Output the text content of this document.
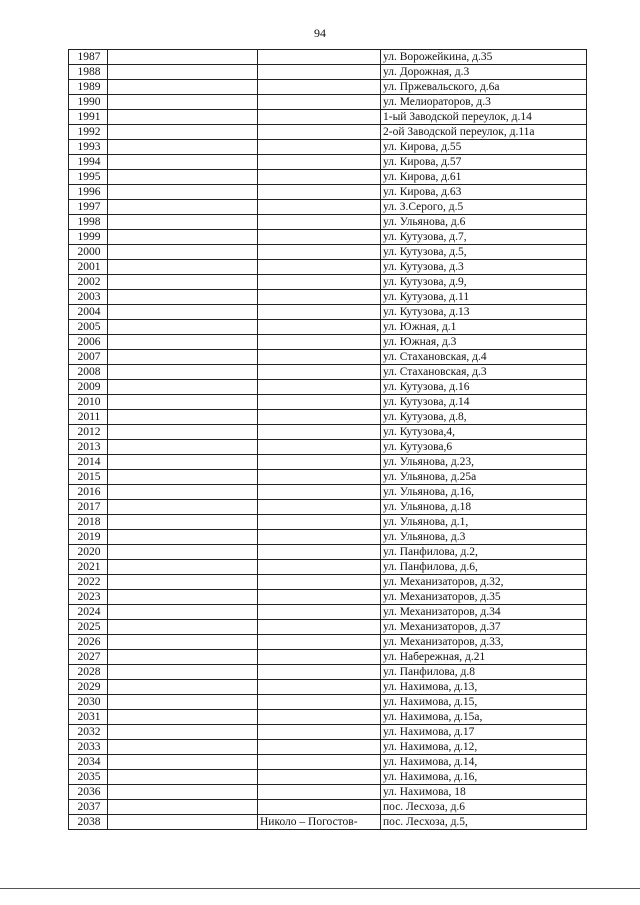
94
1987			ул. Ворожейкина, д.35
1988			ул. Дорожная, д.3
1989			ул. Пржевальского, д.6а
1990			ул. Мелиораторов, д.3
1991			1-ый Заводской переулок, д.14
1992			2-ой Заводской переулок, д.11а
1993			ул. Кирова, д.55
1994			ул. Кирова, д.57
1995			ул. Кирова, д.61
1996			ул. Кирова, д.63
1997			ул. З.Серого, д.5
1998			ул. Ульянова, д.6
1999			ул. Кутузова, д.7,
2000			ул. Кутузова, д.5,
2001			ул. Кутузова, д.3
2002			ул. Кутузова, д.9,
2003			ул. Кутузова, д.11
2004			ул. Кутузова, д.13
2005			ул. Южная, д.1
2006			ул. Южная, д.3
2007			ул. Стахановская, д.4
2008			ул. Стахановская, д.3
2009			ул. Кутузова, д.16
2010			ул. Кутузова, д.14
2011			ул. Кутузова, д.8,
2012			ул. Кутузова,4,
2013			ул. Кутузова,6
2014			ул. Ульянова, д.23,
2015			ул. Ульянова, д.25а
2016			ул. Ульянова, д.16,
2017			ул. Ульянова, д.18
2018			ул. Ульянова, д.1,
2019			ул. Ульянова, д.3
2020			ул. Панфилова, д.2,
2021			ул. Панфилова, д.6,
2022			ул. Механизаторов, д.32,
2023			ул. Механизаторов, д.35
2024			ул. Механизаторов, д.34
2025			ул. Механизаторов, д.37
2026			ул. Механизаторов, д.33,
2027			ул. Набережная, д.21
2028			ул. Панфилова, д.8
2029			ул. Нахимова, д.13,
2030			ул. Нахимова, д.15,
2031			ул. Нахимова, д.15а,
2032			ул. Нахимова, д.17
2033			ул. Нахимова, д.12,
2034			ул. Нахимова, д.14,
2035			ул. Нахимова, д.16,
2036			ул. Нахимова, 18
2037			пос. Лесхоза, д.6
2038		Николо – Погостов-	пос. Лесхоза, д.5,
